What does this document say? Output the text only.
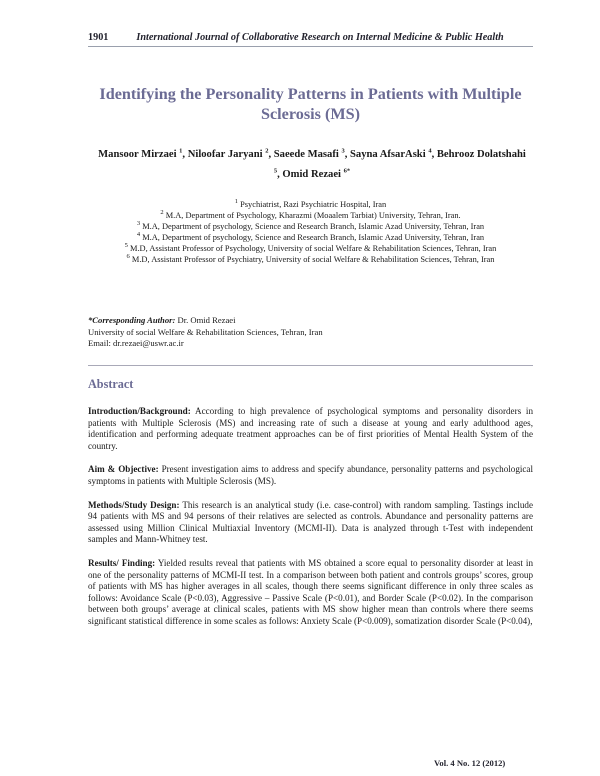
1901	International Journal of Collaborative Research on Internal Medicine & Public Health
Identifying the Personality Patterns in Patients with Multiple Sclerosis (MS)
Mansoor Mirzaei $^1$, Niloofar Jaryani $^2$, Saeede Masafi $^3$, Sayna AfsarAski $^4$, Behrooz Dolatshahi $^5$, Omid Rezaei $^{6*}$

$^1$ Psychiatrist, Razi Psychiatric Hospital, Iran

$^2$ M.A, Department of Psychology, Kharazmi (Moaalem Tarbiat) University, Tehran, Iran.

$^3$ M.A, Department of psychology, Science and Research Branch, Islamic Azad University, Tehran, Iran

$^4$ M.A, Department of psychology, Science and Research Branch, Islamic Azad University, Tehran, Iran

$^5$ M.D, Assistant Professor of Psychology, University of social Welfare & Rehabilitation Sciences, Tehran, Iran

$^6$ M.D, Assistant Professor of Psychiatry, University of social Welfare & Rehabilitation Sciences, Tehran, Iran

*Corresponding Author: Dr. Omid Rezaei
University of social Welfare & Rehabilitation Sciences, Tehran, Iran
Email: dr.rezaei@uswr.ac.ir
Abstract

Introduction/Background: According to high prevalence of psychological symptoms and personality disorders in patients with Multiple Sclerosis (MS) and increasing rate of such a disease at young and early adulthood ages, identification and performing adequate treatment approaches can be of first priorities of Mental Health System of the country.

Aim & Objective: Present investigation aims to address and specify abundance, personality patterns and psychological symptoms in patients with Multiple Sclerosis (MS).

Methods/Study Design: This research is an analytical study (i.e. case-control) with random sampling. Tastings include 94 patients with MS and 94 persons of their relatives are selected as controls. Abundance and personality patterns are assessed using Million Clinical Multiaxial Inventory (MCMI-II). Data is analyzed through t-Test with independent samples and Mann-Whitney test.

Results/ Finding: Yielded results reveal that patients with MS obtained a score equal to personality disorder at least in one of the personality patterns of MCMI-II test. In a comparison between both patient and controls groups’ scores, group of patients with MS has higher averages in all scales, though there seems significant difference in only three scales as follows: Avoidance Scale (P<0.03), Aggressive – Passive Scale (P<0.01), and Border Scale (P<0.02). In the comparison between both groups’ average at clinical scales, patients with MS show higher mean than controls where there seems significant statistical difference in some scales as follows: Anxiety Scale (P<0.009), somatization disorder Scale (P<0.04),

Vol. 4 No. 12 (2012)
